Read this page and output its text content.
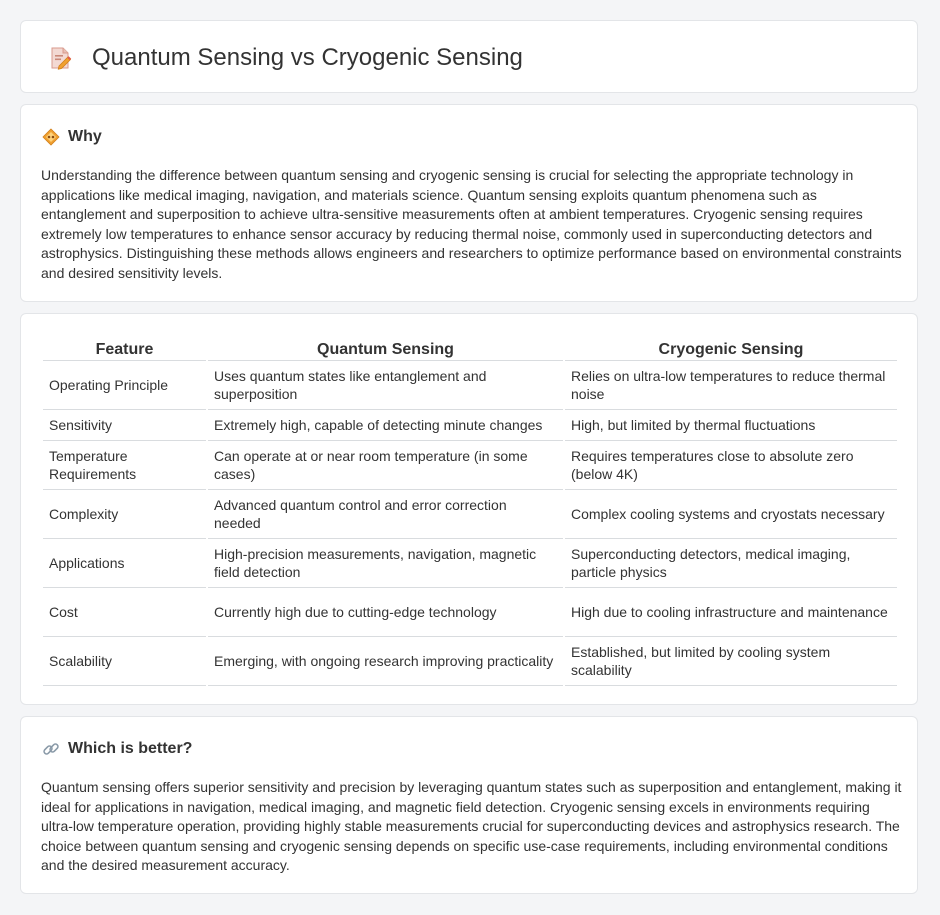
Quantum Sensing vs Cryogenic Sensing
Why

Understanding the difference between quantum sensing and cryogenic sensing is crucial for selecting the appropriate technology in applications like medical imaging, navigation, and materials science. Quantum sensing exploits quantum phenomena such as entanglement and superposition to achieve ultra-sensitive measurements often at ambient temperatures. Cryogenic sensing requires extremely low temperatures to enhance sensor accuracy by reducing thermal noise, commonly used in superconducting detectors and astrophysics. Distinguishing these methods allows engineers and researchers to optimize performance based on environmental constraints and desired sensitivity levels.

Feature	Quantum Sensing	Cryogenic Sensing
Operating Principle	Uses quantum states like entanglement and superposition	Relies on ultra-low temperatures to reduce thermal noise
Sensitivity	Extremely high, capable of detecting minute changes	High, but limited by thermal fluctuations
Temperature Requirements	Can operate at or near room temperature (in some cases)	Requires temperatures close to absolute zero (below 4K)
Complexity	Advanced quantum control and error correction needed	Complex cooling systems and cryostats necessary
Applications	High-precision measurements, navigation, magnetic field detection	Superconducting detectors, medical imaging, particle physics
Cost	Currently high due to cutting-edge technology	High due to cooling infrastructure and maintenance
Scalability	Emerging, with ongoing research improving practicality	Established, but limited by cooling system scalability
Which is better?

Quantum sensing offers superior sensitivity and precision by leveraging quantum states such as superposition and entanglement, making it ideal for applications in navigation, medical imaging, and magnetic field detection. Cryogenic sensing excels in environments requiring ultra-low temperature operation, providing highly stable measurements crucial for superconducting devices and astrophysics research. The choice between quantum sensing and cryogenic sensing depends on specific use-case requirements, including environmental conditions and the desired measurement accuracy.
